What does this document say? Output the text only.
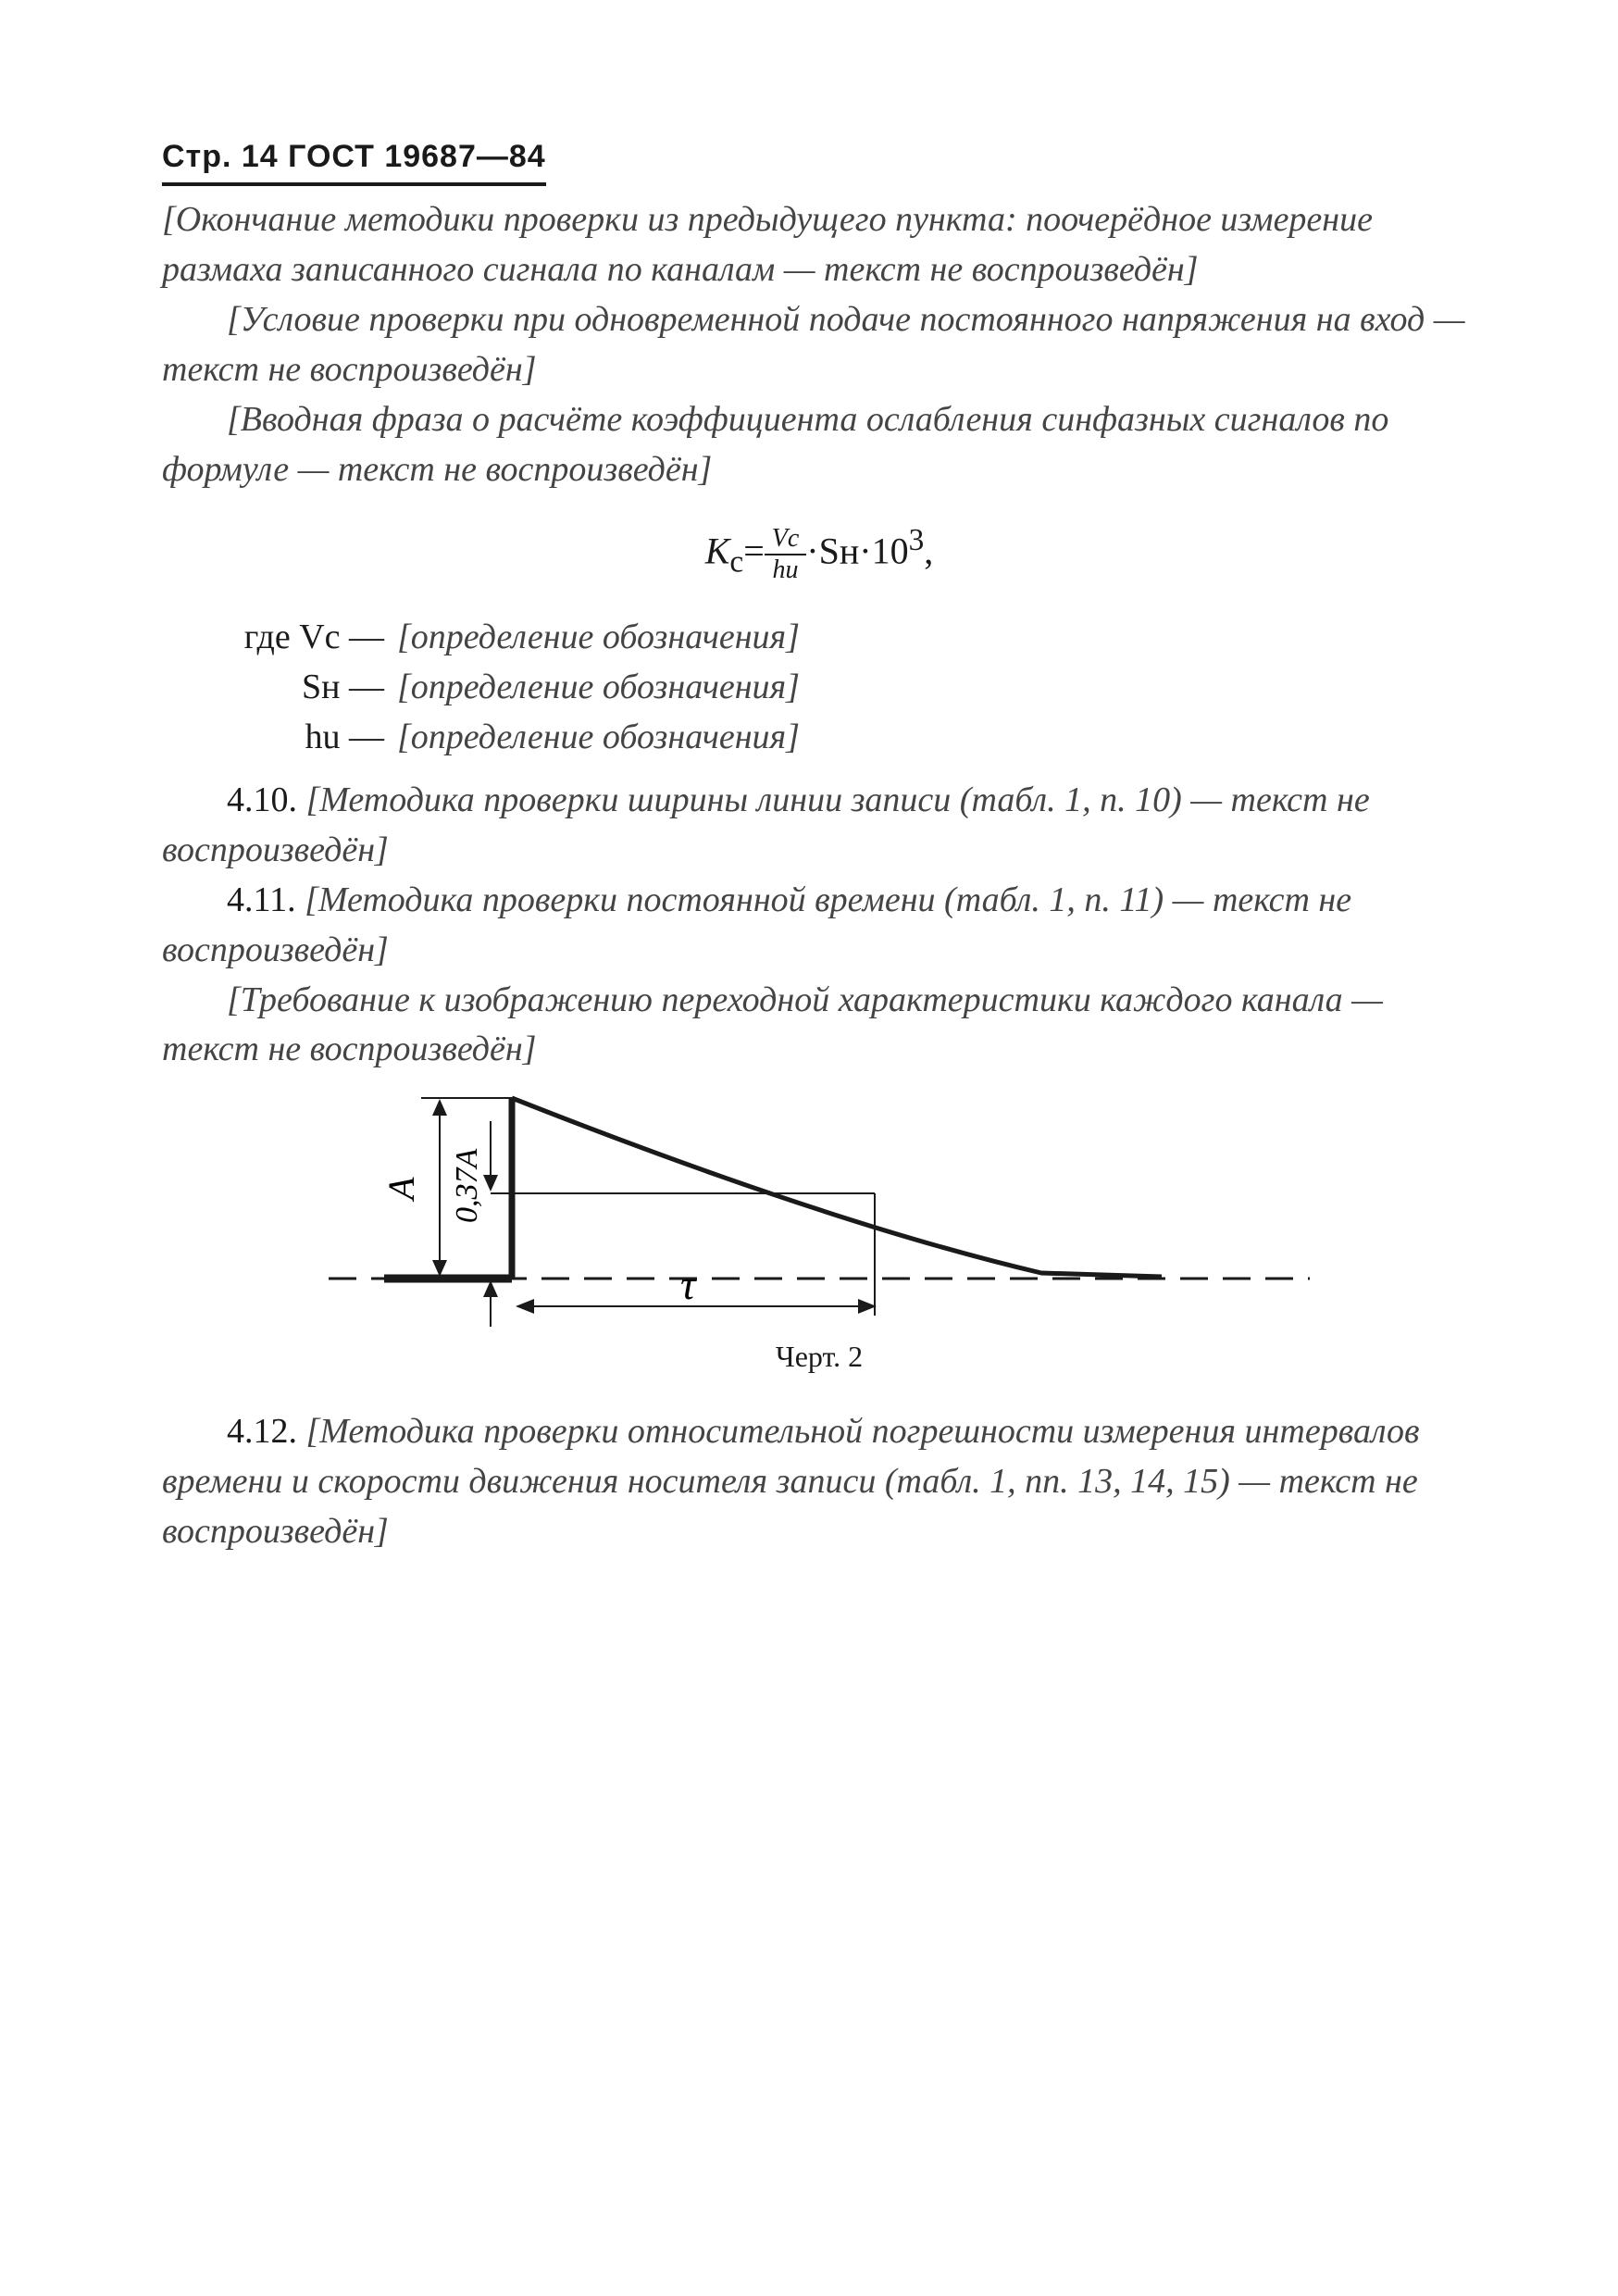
Стр. 14 ГОСТ 19687—84

[Окончание методики проверки из предыдущего пункта: поочерёдное измерение размаха записанного сигнала по каналам — текст не воспроизведён]

[Условие проверки при одновременной подаче постоянного напряжения на вход — текст не воспроизведён]

[Вводная фраза о расчёте коэффициента ослабления синфазных сигналов по формуле — текст не воспроизведён]

$K_с= \frac{Vс}{hu} \cdot Sн\cdot 10^3$,
где Vс — [определение обозначения]
Sн — [определение обозначения]
hu — [определение обозначения]

4.10. [Методика проверки ширины линии записи (табл. 1, п. 10) — текст не воспроизведён]

4.11. [Методика проверки постоянной времени (табл. 1, п. 11) — текст не воспроизведён]

[Требование к изображению переходной характеристики каждого канала — текст не воспроизведён]

A 0,37A
τ
Черт. 2

4.12. [Методика проверки относительной погрешности измерения интервалов времени и скорости движения носителя записи (табл. 1, пп. 13, 14, 15) — текст не воспроизведён]
